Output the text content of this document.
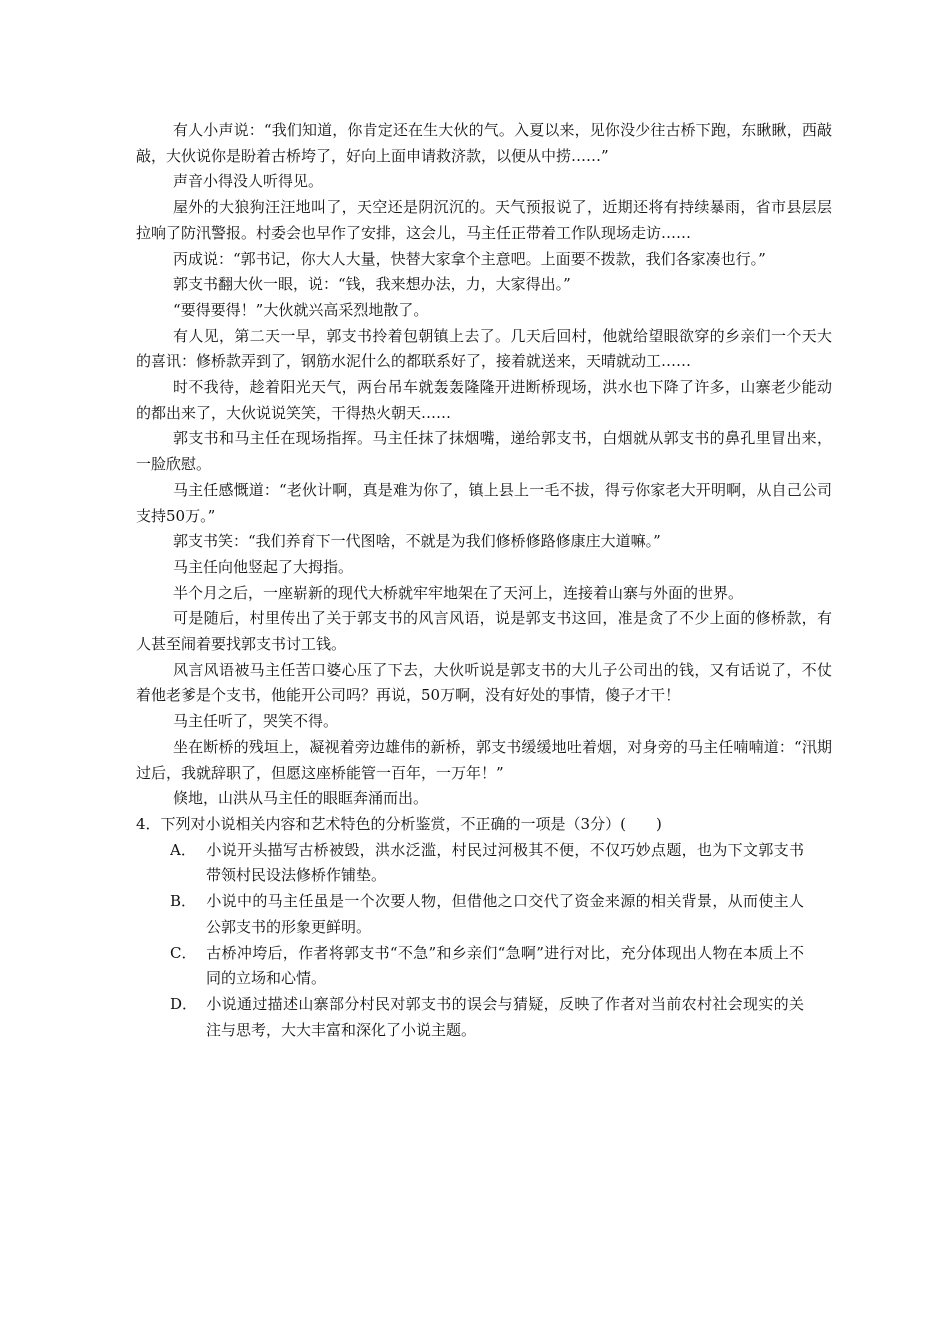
有人小声说：“我们知道，你肯定还在生大伙的气。入夏以来，见你没少往古桥下跑，东瞅瞅，西敲敲，大伙说你是盼着古桥垮了，好向上面申请救济款，以便从中捞……”

声音小得没人听得见。

屋外的大狼狗汪汪地叫了，天空还是阴沉沉的。天气预报说了，近期还将有持续暴雨，省市县层层拉响了防汛警报。村委会也早作了安排，这会儿，马主任正带着工作队现场走访……

丙成说：“郭书记，你大人大量，快替大家拿个主意吧。上面要不拨款，我们各家凑也行。”

郭支书翻大伙一眼，说：“钱，我来想办法，力，大家得出。”

“要得要得！”大伙就兴高采烈地散了。

有人见，第二天一早，郭支书拎着包朝镇上去了。几天后回村，他就给望眼欲穿的乡亲们一个天大的喜讯：修桥款弄到了，钢筋水泥什么的都联系好了，接着就送来，天晴就动工……

时不我待，趁着阳光天气，两台吊车就轰轰隆隆开进断桥现场，洪水也下降了许多，山寨老少能动的都出来了，大伙说说笑笑，干得热火朝天……

郭支书和马主任在现场指挥。马主任抹了抹烟嘴，递给郭支书，白烟就从郭支书的鼻孔里冒出来，一脸欣慰。

马主任感慨道：“老伙计啊，真是难为你了，镇上县上一毛不拔，得亏你家老大开明啊，从自己公司支持50万。”

郭支书笑：“我们养育下一代图啥，不就是为我们修桥修路修康庄大道嘛。”

马主任向他竖起了大拇指。

半个月之后，一座崭新的现代大桥就牢牢地架在了天河上，连接着山寨与外面的世界。

可是随后，村里传出了关于郭支书的风言风语，说是郭支书这回，准是贪了不少上面的修桥款，有人甚至闹着要找郭支书讨工钱。

风言风语被马主任苦口婆心压了下去，大伙听说是郭支书的大儿子公司出的钱，又有话说了，不仗着他老爹是个支书，他能开公司吗？再说，50万啊，没有好处的事情，傻子才干！

马主任听了，哭笑不得。

坐在断桥的残垣上，凝视着旁边雄伟的新桥，郭支书缓缓地吐着烟，对身旁的马主任喃喃道：“汛期过后，我就辞职了，但愿这座桥能管一百年，一万年！”

倏地，山洪从马主任的眼眶奔涌而出。

4．下列对小说相关内容和艺术特色的分析鉴赏，不正确的一项是（3分）(　　)

A． 小说开头描写古桥被毁，洪水泛滥，村民过河极其不便，不仅巧妙点题，也为下文郭支书带领村民设法修桥作铺垫。

B． 小说中的马主任虽是一个次要人物，但借他之口交代了资金来源的相关背景，从而使主人公郭支书的形象更鲜明。

C． 古桥冲垮后，作者将郭支书“不急”和乡亲们“急啊”进行对比，充分体现出人物在本质上不同的立场和心情。

D． 小说通过描述山寨部分村民对郭支书的误会与猜疑，反映了作者对当前农村社会现实的关注与思考，大大丰富和深化了小说主题。
